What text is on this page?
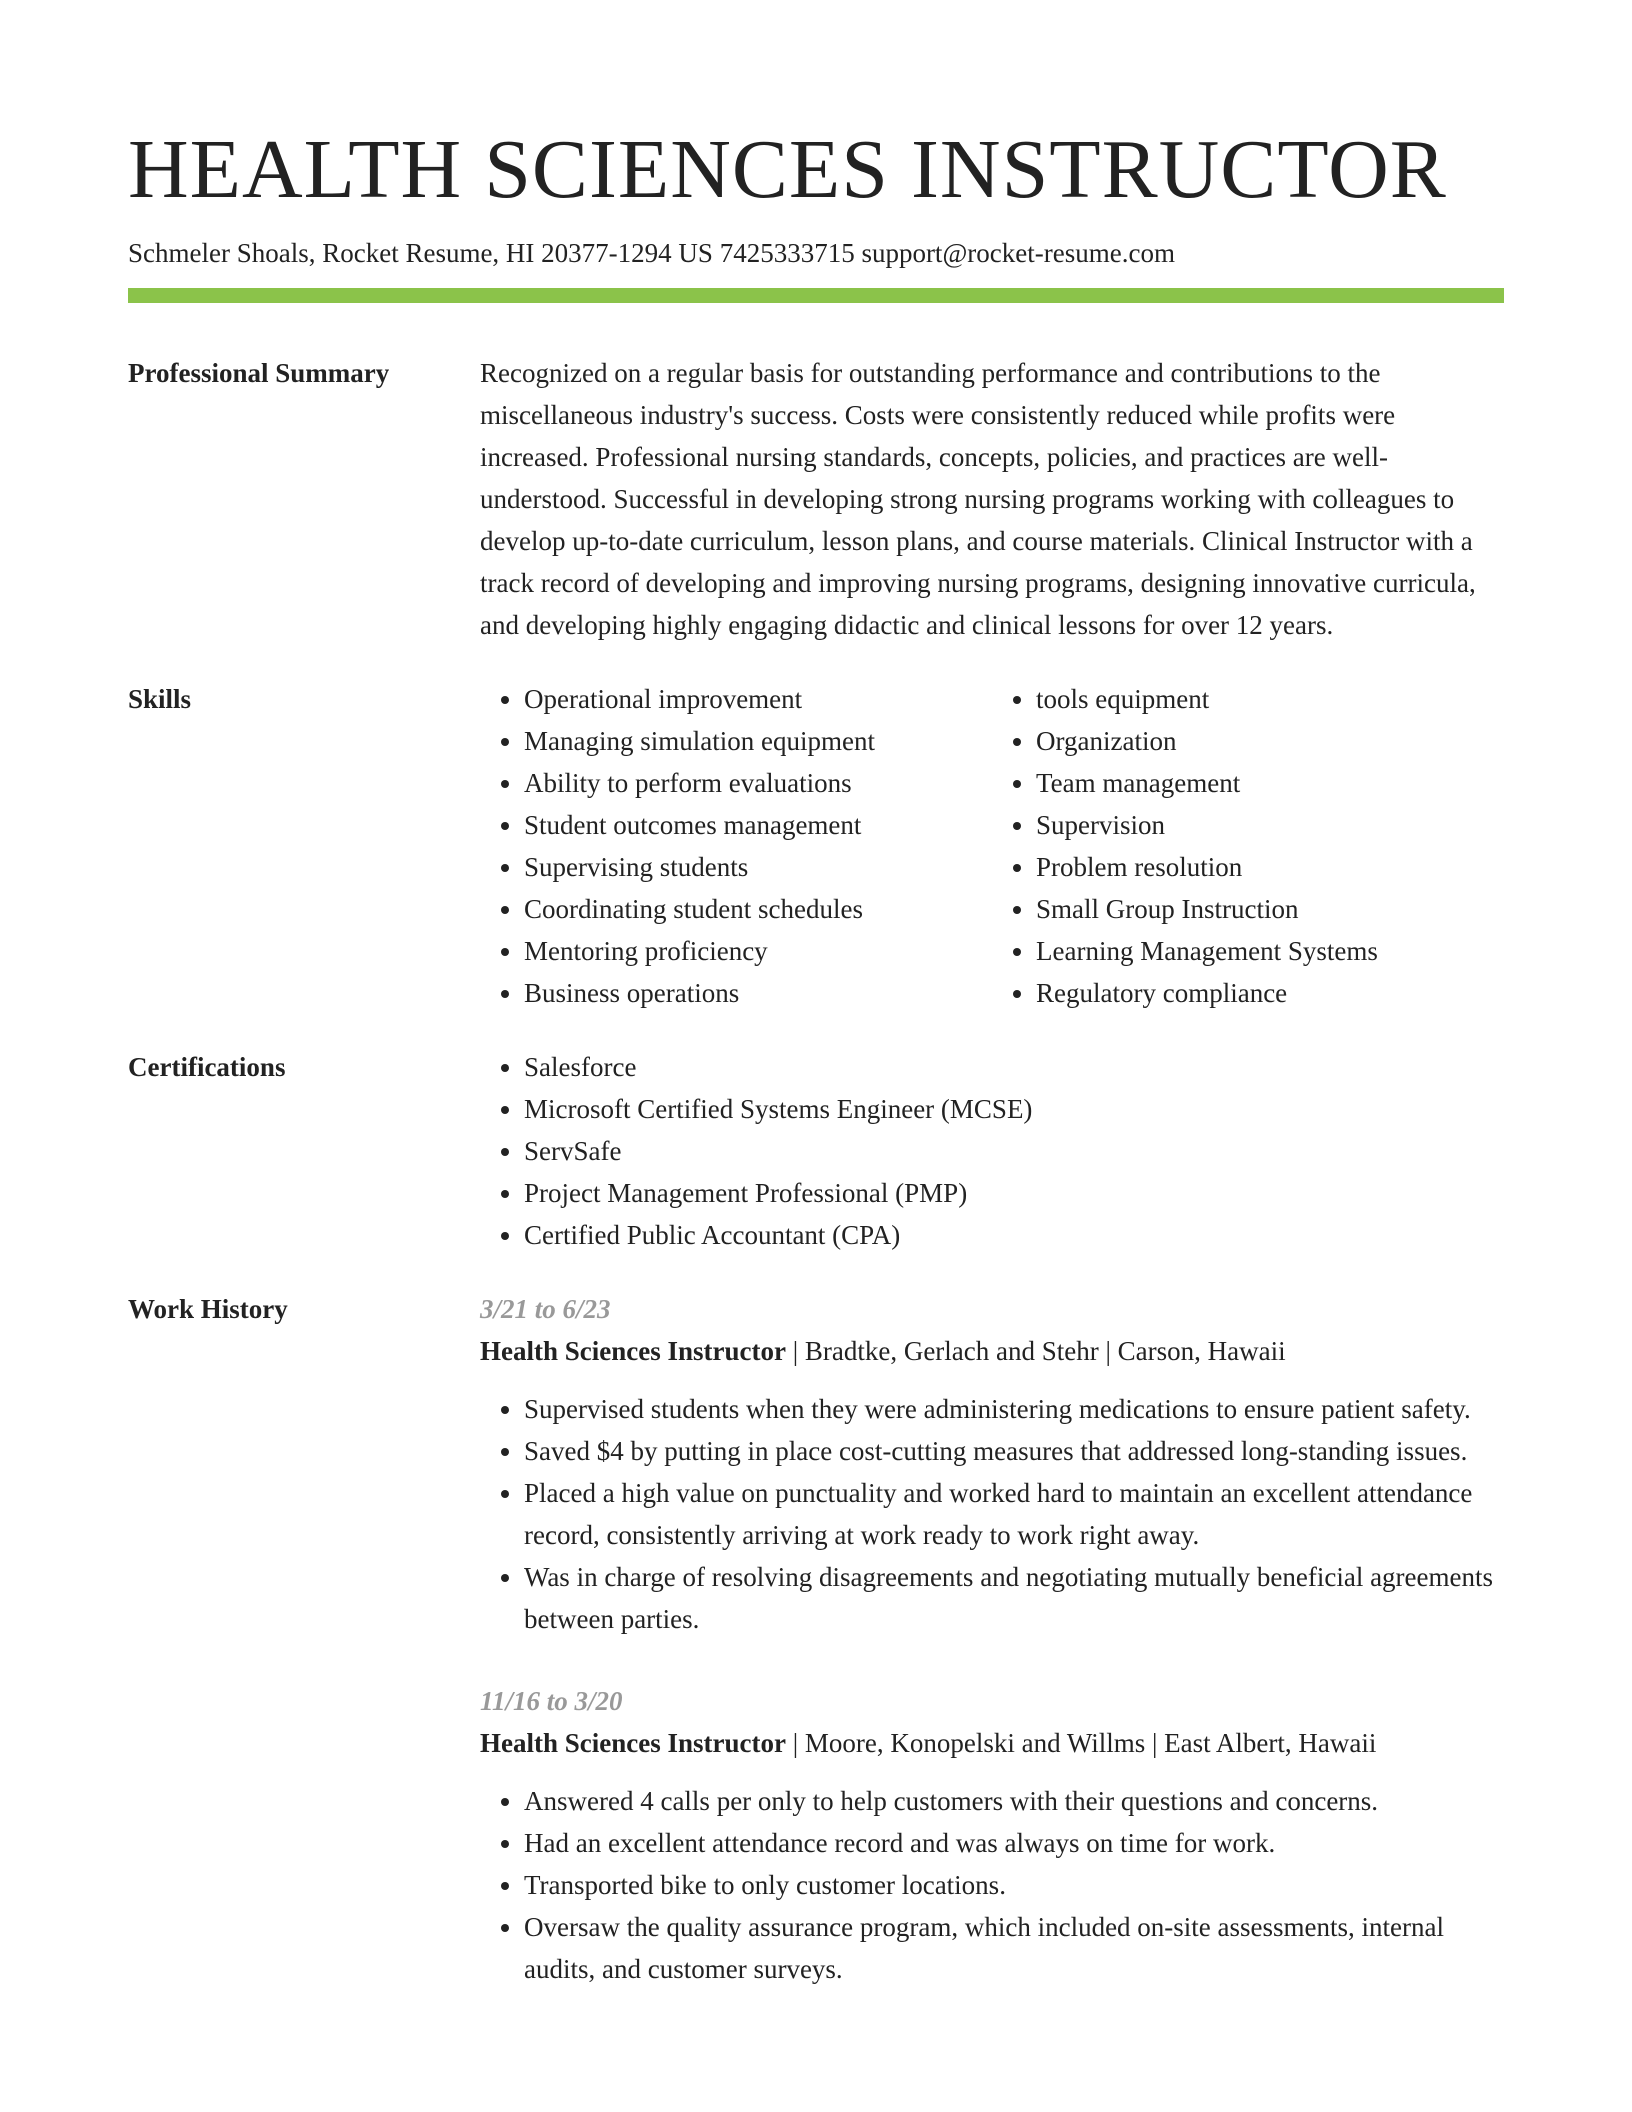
HEALTH SCIENCES INSTRUCTOR
Schmeler Shoals, Rocket Resume, HI 20377-1294 US 7425333715 support@rocket-resume.com
Professional Summary	Recognized on a regular basis for outstanding performance and contributions to the miscellaneous industry's success. Costs were consistently reduced while profits were increased. Professional nursing standards, concepts, policies, and practices are well-understood. Successful in developing strong nursing programs working with colleagues to develop up-to-date curriculum, lesson plans, and course materials. Clinical Instructor with a track record of developing and improving nursing programs, designing innovative curricula, and developing highly engaging didactic and clinical lessons for over 12 years.

Skills	• Operational improvement
• Managing simulation equipment
• Ability to perform evaluations
• Student outcomes management
• Supervising students
• Coordinating student schedules
• Mentoring proficiency
• Business operations
• tools equipment
• Organization
• Team management
• Supervision
• Problem resolution
• Small Group Instruction
• Learning Management Systems
• Regulatory compliance
Certifications	• Salesforce
• Microsoft Certified Systems Engineer (MCSE)
• ServSafe
• Project Management Professional (PMP)
• Certified Public Accountant (CPA)
Work History	3/21 to 6/23
Health Sciences Instructor | Bradtke, Gerlach and Stehr | Carson, Hawaii
• Supervised students when they were administering medications to ensure patient safety.
• Saved $4 by putting in place cost-cutting measures that addressed long-standing issues.
• Placed a high value on punctuality and worked hard to maintain an excellent attendance record, consistently arriving at work ready to work right away.
• Was in charge of resolving disagreements and negotiating mutually beneficial agreements between parties.
11/16 to 3/20
Health Sciences Instructor | Moore, Konopelski and Willms | East Albert, Hawaii
• Answered 4 calls per only to help customers with their questions and concerns.
• Had an excellent attendance record and was always on time for work.
• Transported bike to only customer locations.
• Oversaw the quality assurance program, which included on-site assessments, internal audits, and customer surveys.
